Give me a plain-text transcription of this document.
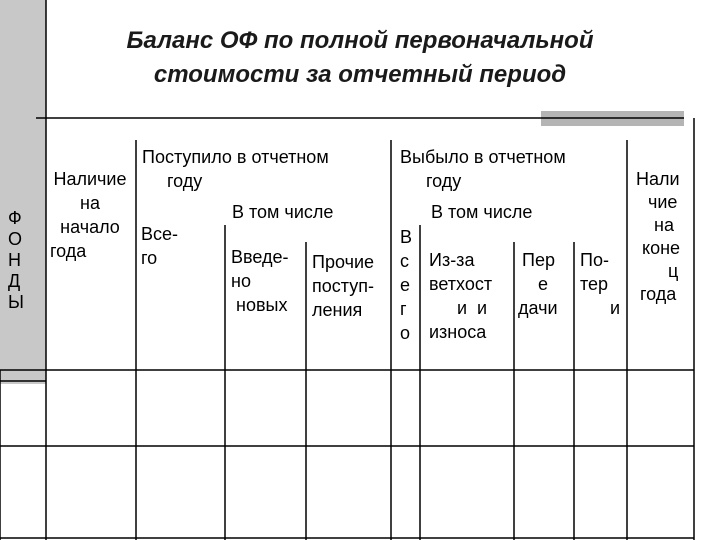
Баланс ОФ по полной первоначальной
стоимости за отчетный период
Ф
О
Н
Д
Ы
Наличие
на
начало
года
Поступило в отчетном
году
Все-
го
В том числе
Введе-
но
новых
Прочие
поступ-
ления
Выбыло в отчетном
году
В
с
е
г
о
В том числе
Из-за
ветхост
и  и
износа
Пер
е
дачи
По-
тер
и
Нали
чие
на
коне
ц
года
